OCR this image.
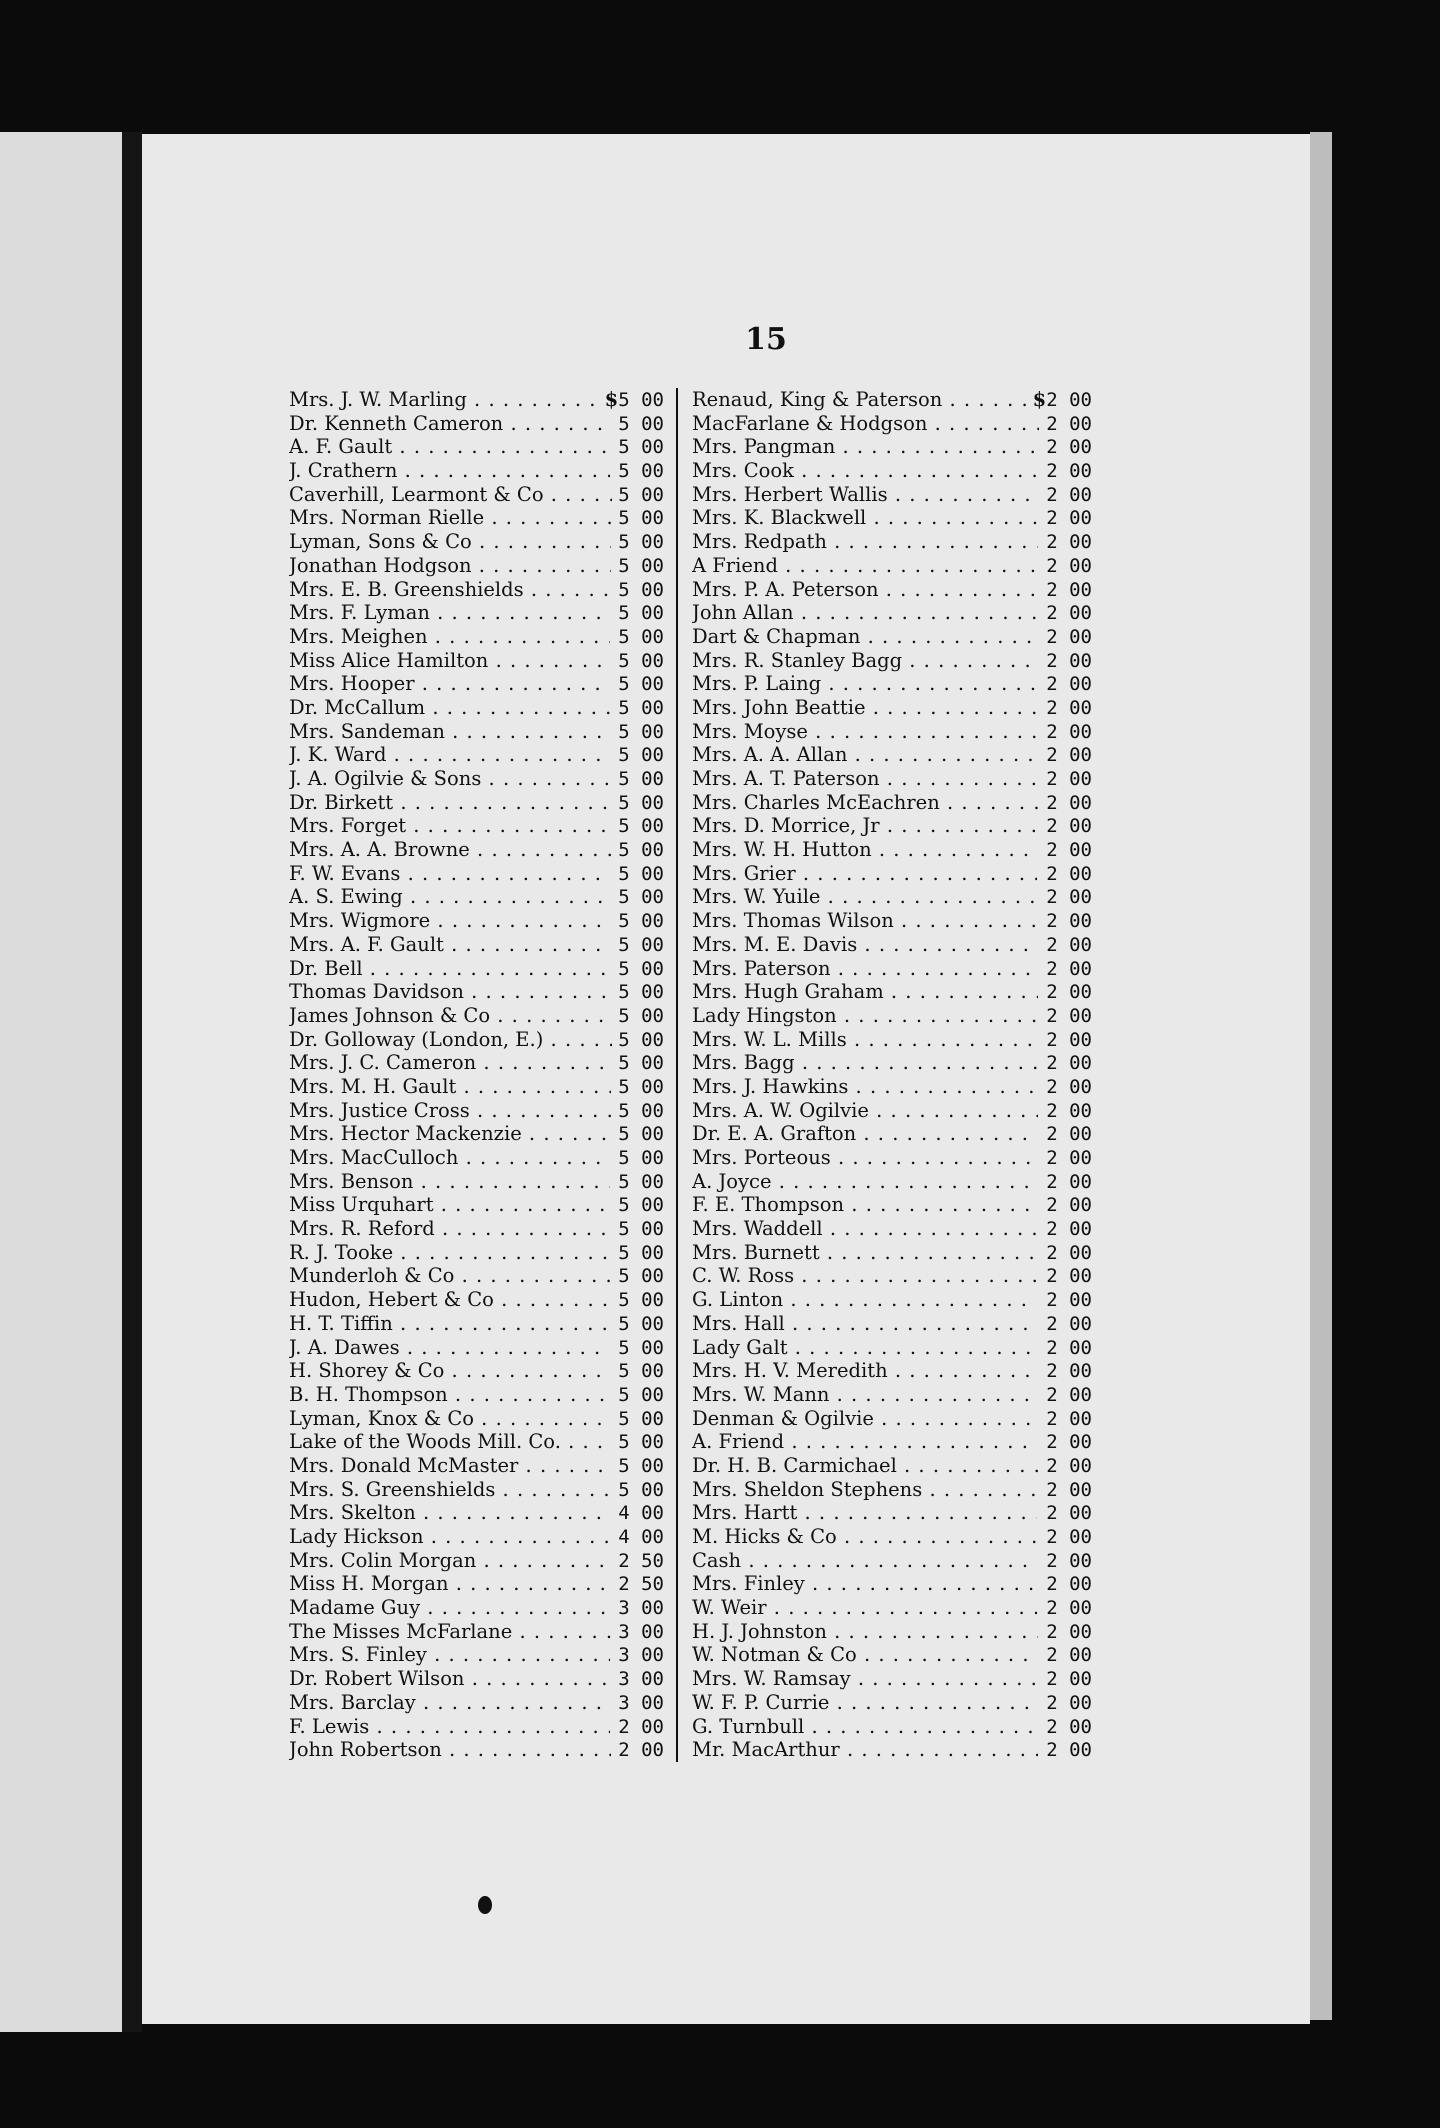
15
Mrs. J. W. Marling . . .	$ 5 00
Dr. Kenneth Cameron . . .	5 00
A. F. Gault . . .	5 00
J. Crathern . . .	5 00
Caverhill, Learmont & Co . . .	5 00
Mrs. Norman Rielle . . .	5 00
Lyman, Sons & Co . . .	5 00
Jonathan Hodgson . . .	5 00
Mrs. E. B. Greenshields . . .	5 00
Mrs. F. Lyman . . .	5 00
Mrs. Meighen . . .	5 00
Miss Alice Hamilton . . .	5 00
Mrs. Hooper . . .	5 00
Dr. McCallum . . .	5 00
Mrs. Sandeman . . .	5 00
J. K. Ward . . .	5 00
J. A. Ogilvie & Sons . . .	5 00
Dr. Birkett . . .	5 00
Mrs. Forget . . .	5 00
Mrs. A. A. Browne . . .	5 00
F. W. Evans . . .	5 00
A. S. Ewing . . .	5 00
Mrs. Wigmore . . .	5 00
Mrs. A. F. Gault . . .	5 00
Dr. Bell . . .	5 00
Thomas Davidson . . .	5 00
James Johnson & Co . . .	5 00
Dr. Golloway (London, E.) . . .	5 00
Mrs. J. C. Cameron . . .	5 00
Mrs. M. H. Gault . . .	5 00
Mrs. Justice Cross . . .	5 00
Mrs. Hector Mackenzie . . .	5 00
Mrs. MacCulloch . . .	5 00
Mrs. Benson . . .	5 00
Miss Urquhart . . .	5 00
Mrs. R. Reford . . .	5 00
R. J. Tooke . . .	5 00
Munderloh & Co . . .	5 00
Hudon, Hebert & Co . . .	5 00
H. T. Tiffin . . .	5 00
J. A. Dawes . . .	5 00
H. Shorey & Co . . .	5 00
B. H. Thompson . . .	5 00
Lyman, Knox & Co . . .	5 00
Lake of the Woods Mill. Co. . . .	5 00
Mrs. Donald McMaster . . .	5 00
Mrs. S. Greenshields . . .	5 00
Mrs. Skelton . . .	4 00
Lady Hickson . . .	4 00
Mrs. Colin Morgan . . .	2 50
Miss H. Morgan . . .	2 50
Madame Guy . . .	3 00
The Misses McFarlane . . .	3 00
Mrs. S. Finley . . .	3 00
Dr. Robert Wilson . . .	3 00
Mrs. Barclay . . .	3 00
F. Lewis . . .	2 00
John Robertson . . .	2 00
Renaud, King & Paterson . . .	$ 2 00
MacFarlane & Hodgson . . .	2 00
Mrs. Pangman . . .	2 00
Mrs. Cook . . .	2 00
Mrs. Herbert Wallis . . .	2 00
Mrs. K. Blackwell . . .	2 00
Mrs. Redpath . . .	2 00
A Friend . . .	2 00
Mrs. P. A. Peterson . . .	2 00
John Allan . . .	2 00
Dart & Chapman . . .	2 00
Mrs. R. Stanley Bagg . . .	2 00
Mrs. P. Laing . . .	2 00
Mrs. John Beattie . . .	2 00
Mrs. Moyse . . .	2 00
Mrs. A. A. Allan . . .	2 00
Mrs. A. T. Paterson . . .	2 00
Mrs. Charles McEachren . . .	2 00
Mrs. D. Morrice, Jr . . .	2 00
Mrs. W. H. Hutton . . .	2 00
Mrs. Grier . . .	2 00
Mrs. W. Yuile . . .	2 00
Mrs. Thomas Wilson . . .	2 00
Mrs. M. E. Davis . . .	2 00
Mrs. Paterson . . .	2 00
Mrs. Hugh Graham . . .	2 00
Lady Hingston . . .	2 00
Mrs. W. L. Mills . . .	2 00
Mrs. Bagg . . .	2 00
Mrs. J. Hawkins . . .	2 00
Mrs. A. W. Ogilvie . . .	2 00
Dr. E. A. Grafton . . .	2 00
Mrs. Porteous . . .	2 00
A. Joyce . . .	2 00
F. E. Thompson . . .	2 00
Mrs. Waddell . . .	2 00
Mrs. Burnett . . .	2 00
C. W. Ross . . .	2 00
G. Linton . . .	2 00
Mrs. Hall . . .	2 00
Lady Galt . . .	2 00
Mrs. H. V. Meredith . . .	2 00
Mrs. W. Mann . . .	2 00
Denman & Ogilvie . . .	2 00
A. Friend . . .	2 00
Dr. H. B. Carmichael . . .	2 00
Mrs. Sheldon Stephens . . .	2 00
Mrs. Hartt . . .	2 00
M. Hicks & Co . . .	2 00
Cash . . .	2 00
Mrs. Finley . . .	2 00
W. Weir . . .	2 00
H. J. Johnston . . .	2 00
W. Notman & Co . . .	2 00
Mrs. W. Ramsay . . .	2 00
W. F. P. Currie . . .	2 00
G. Turnbull . . .	2 00
Mr. MacArthur . . .	2 00
